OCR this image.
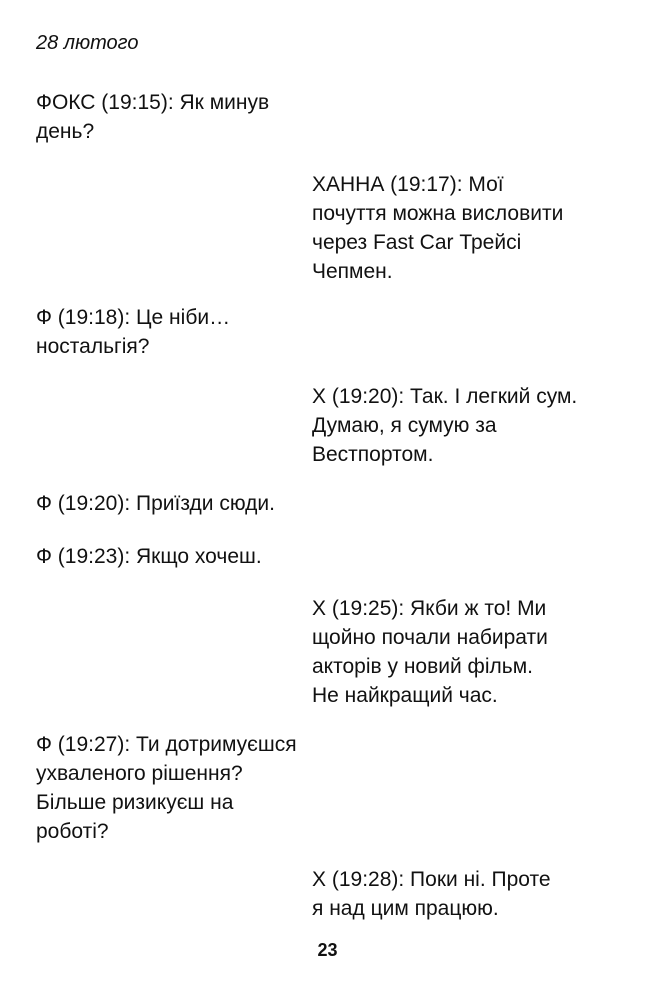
28 лютого
ФОКС (19:15): Як минув
день?
ХАННА (19:17): Мої
почуття можна висловити
через Fast Car Трейсі
Чепмен.
Ф (19:18): Це ніби…
ностальгія?
Х (19:20): Так. І легкий сум.
Думаю, я сумую за
Вестпортом.
Ф (19:20): Приїзди сюди.
Ф (19:23): Якщо хочеш.
Х (19:25): Якби ж то! Ми
щойно почали набирати
акторів у новий фільм.
Не найкращий час.
Ф (19:27): Ти дотримуєшся
ухваленого рішення?
Більше ризикуєш на
роботі?
Х (19:28): Поки ні. Проте
я над цим працюю.
23
